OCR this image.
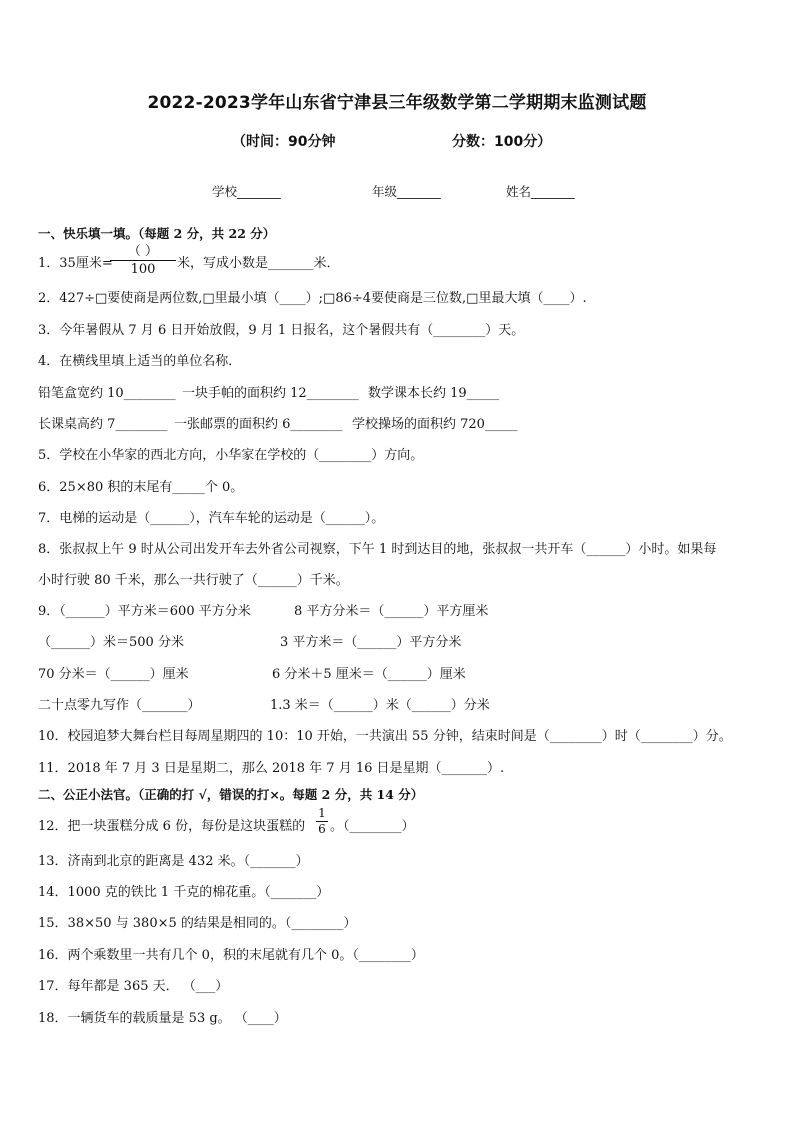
2022-2023学年山东省宁津县三年级数学第二学期期末监测试题
（时间：90分钟	分数：100分）
学校_______	年级_______	姓名_______
一、快乐填一填。（每题 2 分，共 22 分）
1．35厘米=
（ ）
100	米，写成小数是_______米．
2．427÷□要使商是两位数,□里最小填（____）;□86÷4要使商是三位数,□里最大填（____）.
3．今年暑假从 7 月 6 日开始放假，9 月 1 日报名，这个暑假共有（________）天。
4．在横线里填上适当的单位名称．
铅笔盒宽约 10________ 一块手帕的面积约 12________ 数学课本长约 19_____
长课桌高约 7________ 一张邮票的面积约 6________ 学校操场的面积约 720_____
5．学校在小华家的西北方向，小华家在学校的（________）方向。
6．25×80 积的末尾有_____个 0。
7．电梯的运动是（______），汽车车轮的运动是（______）。
8．张叔叔上午 9 时从公司出发开车去外省公司视察，下午 1 时到达目的地，张叔叔一共开车（______）小时。如果每
小时行驶 80 千米，那么一共行驶了（______）千米。
9．（______）平方米＝600 平方分米	8 平方分米＝（______）平方厘米
（______）米＝500 分米	3 平方米＝（______）平方分米
70 分米＝（______）厘米	6 分米＋5 厘米＝（______）厘米
二十点零九写作（_______）	1.3 米＝（______）米（______）分米
10．校园追梦大舞台栏目每周星期四的 10：10 开始，一共演出 55 分钟，结束时间是（________）时（________）分。
11．2018 年 7 月 3 日是星期二，那么 2018 年 7 月 16 日是星期（_______）.
二、公正小法官。（正确的打 √，错误的打×。每题 2 分，共 14 分）
12．把一块蛋糕分成 6 份，每份是这块蛋糕的
1
6 。（________）
13．济南到北京的距离是 432 米。（_______）
14．1000 克的铁比 1 千克的棉花重。（_______）
15．38×50 与 380×5 的结果是相同的。（________）
16．两个乘数里一共有几个 0，积的末尾就有几个 0。（________）
17．每年都是 365 天． （___）
18．一辆货车的载质量是 53 g。 （____）
